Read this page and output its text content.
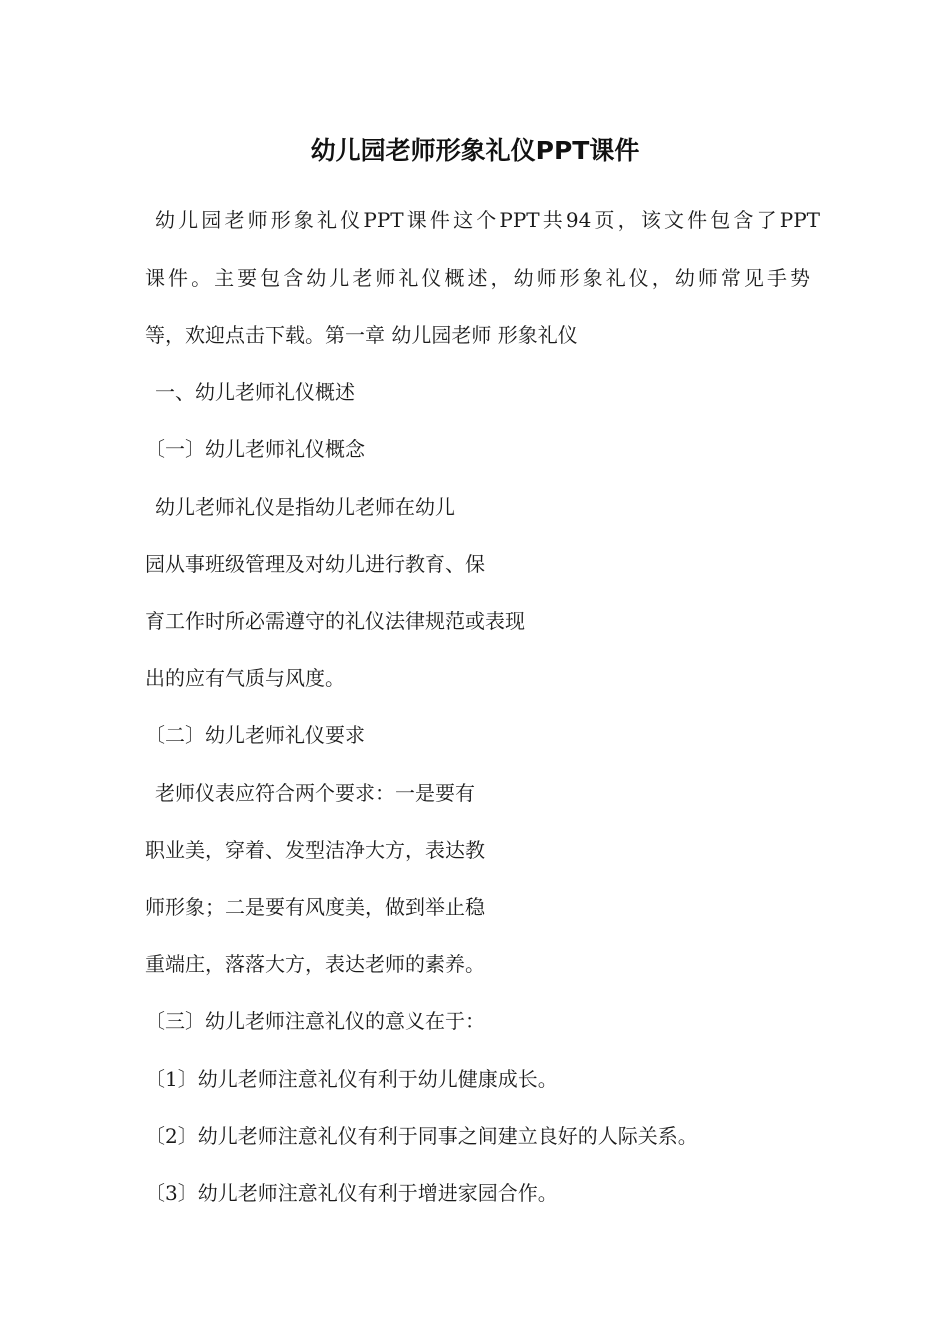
幼儿园老师形象礼仪PPT课件
幼儿园老师形象礼仪PPT课件这个PPT共94页，该文件包含了PPT
课件。主要包含幼儿老师礼仪概述，幼师形象礼仪，幼师常见手势
等，欢迎点击下载。第一章 幼儿园老师 形象礼仪
一、幼儿老师礼仪概述
〔一〕幼儿老师礼仪概念
幼儿老师礼仪是指幼儿老师在幼儿
园从事班级管理及对幼儿进行教育、保
育工作时所必需遵守的礼仪法律规范或表现
出的应有气质与风度。
〔二〕幼儿老师礼仪要求
老师仪表应符合两个要求：一是要有
职业美，穿着、发型洁净大方，表达教
师形象；二是要有风度美，做到举止稳
重端庄，落落大方，表达老师的素养。
〔三〕幼儿老师注意礼仪的意义在于：
〔1〕幼儿老师注意礼仪有利于幼儿健康成长。
〔2〕幼儿老师注意礼仪有利于同事之间建立良好的人际关系。
〔3〕幼儿老师注意礼仪有利于增进家园合作。
